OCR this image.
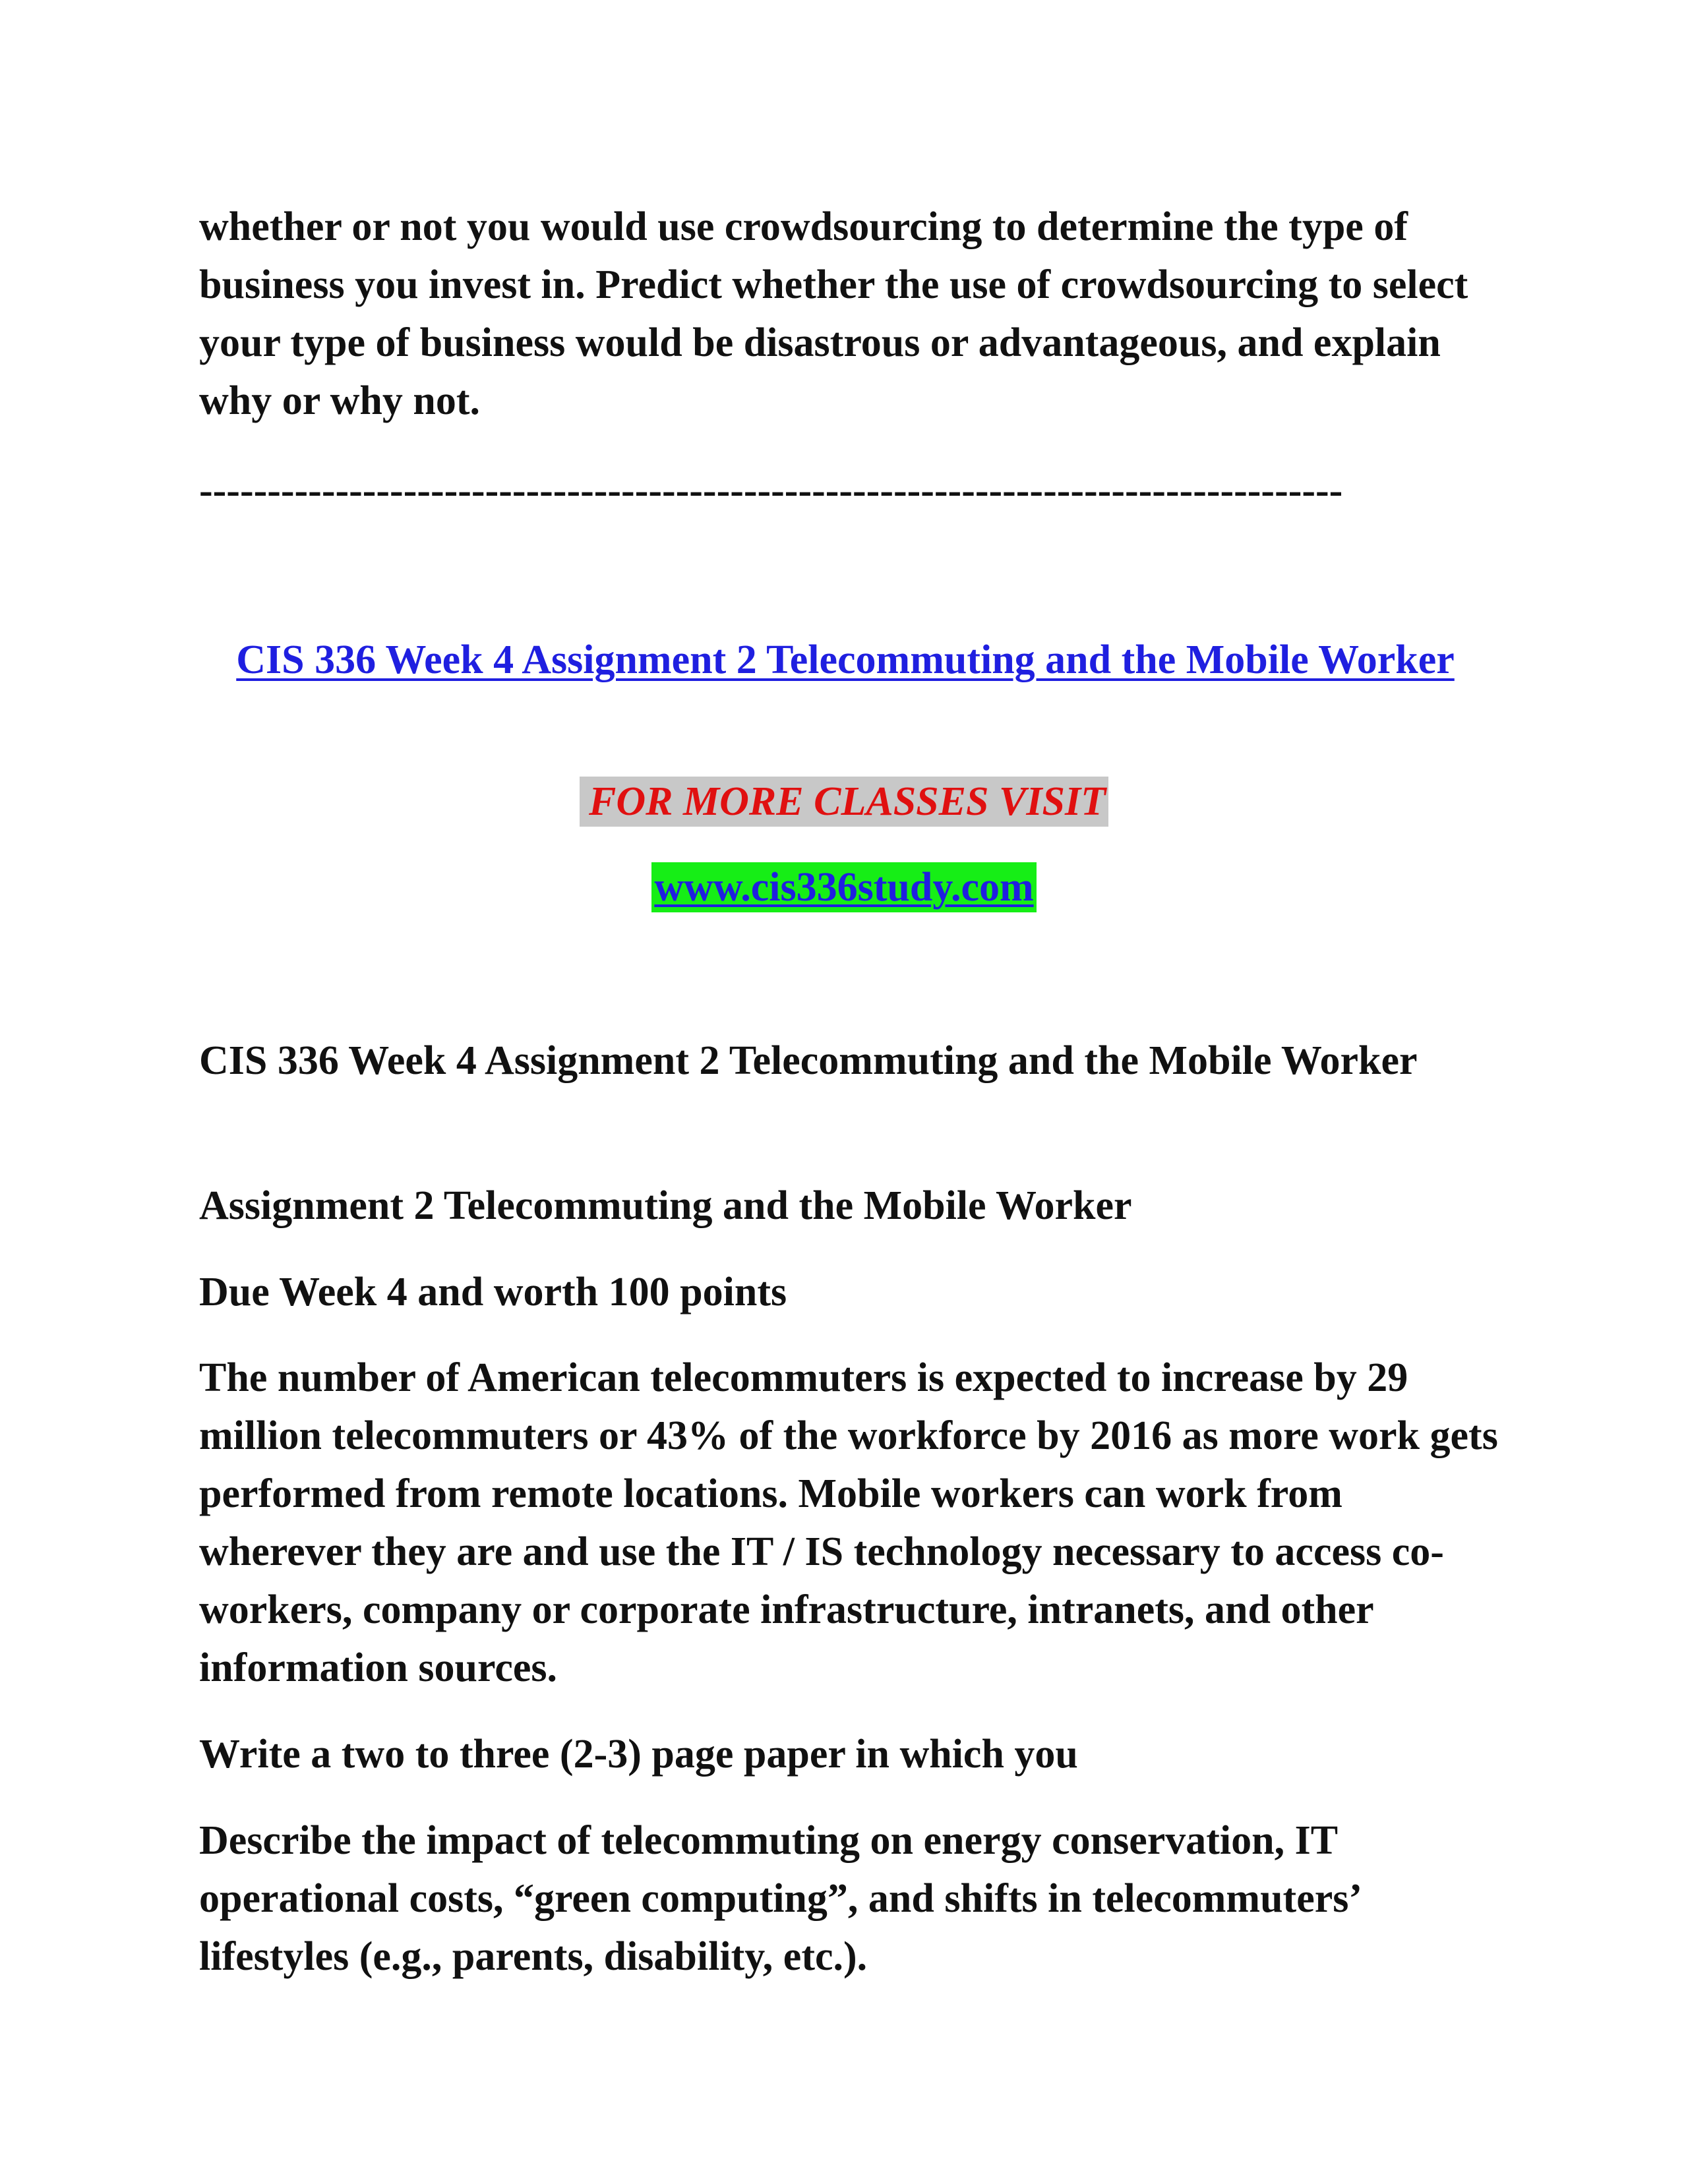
whether or not you would use crowdsourcing to determine the type of business you invest in. Predict whether the use of crowdsourcing to select your type of business would be disastrous or advantageous, and explain why or why not.

------------------------------------------------------------------------------------
CIS 336 Week 4 Assignment 2 Telecommuting and the Mobile Worker
FOR MORE CLASSES VISIT
www.cis336study.com

CIS 336 Week 4 Assignment 2 Telecommuting and the Mobile Worker

Assignment 2 Telecommuting and the Mobile Worker

Due Week 4 and worth 100 points

The number of American telecommuters is expected to increase by 29 million telecommuters or 43% of the workforce by 2016 as more work gets performed from remote locations. Mobile workers can work from wherever they are and use the IT / IS technology necessary to access co-workers, company or corporate infrastructure, intranets, and other information sources.

Write a two to three (2-3) page paper in which you

Describe the impact of telecommuting on energy conservation, IT operational costs, “green computing”, and shifts in telecommuters’ lifestyles (e.g., parents, disability, etc.).
